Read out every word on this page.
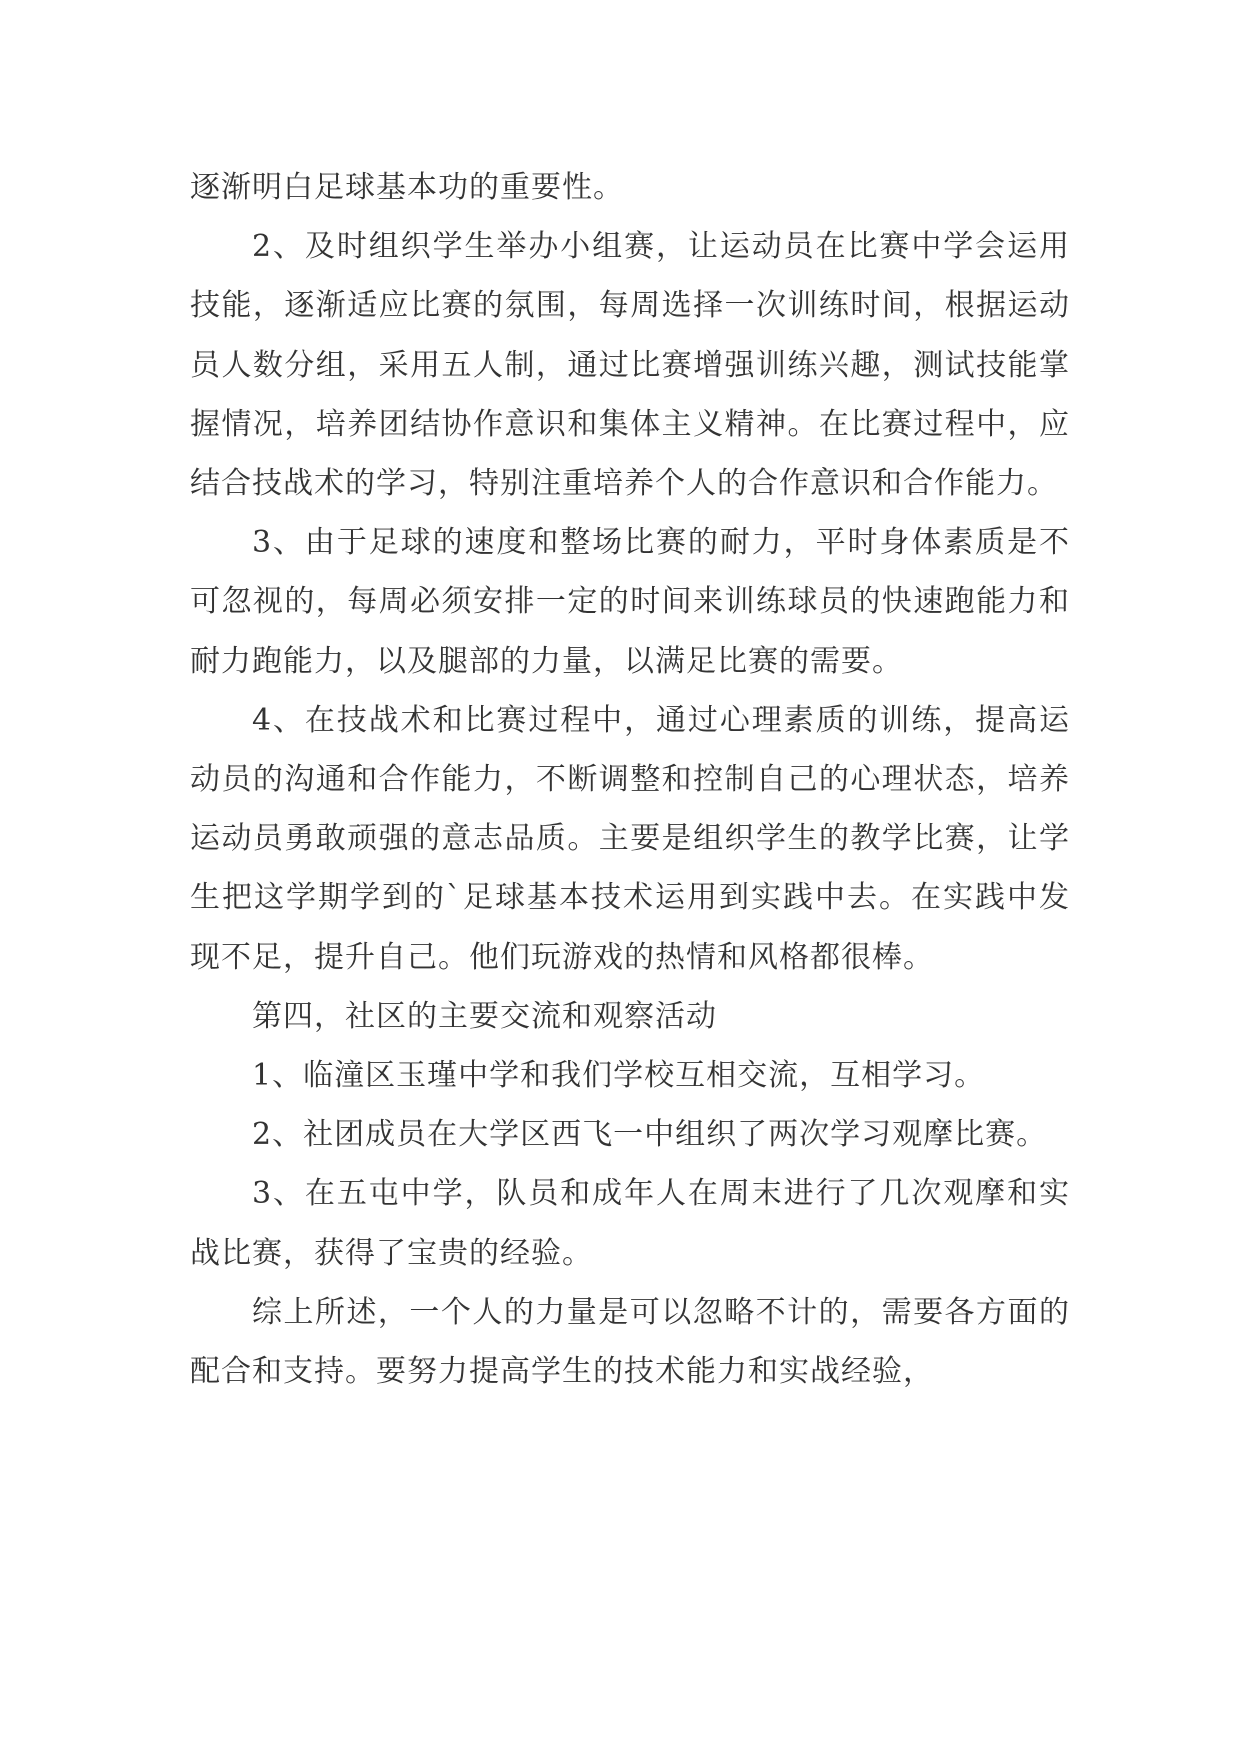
逐渐明白足球基本功的重要性。

2、及时组织学生举办小组赛，让运动员在比赛中学会运用技能，逐渐适应比赛的氛围，每周选择一次训练时间，根据运动员人数分组，采用五人制，通过比赛增强训练兴趣，测试技能掌握情况，培养团结协作意识和集体主义精神。在比赛过程中，应结合技战术的学习，特别注重培养个人的合作意识和合作能力。

3、由于足球的速度和整场比赛的耐力，平时身体素质是不可忽视的，每周必须安排一定的时间来训练球员的快速跑能力和耐力跑能力，以及腿部的力量，以满足比赛的需要。

4、在技战术和比赛过程中，通过心理素质的训练，提高运动员的沟通和合作能力，不断调整和控制自己的心理状态，培养运动员勇敢顽强的意志品质。主要是组织学生的教学比赛，让学生把这学期学到的`足球基本技术运用到实践中去。在实践中发现不足，提升自己。他们玩游戏的热情和风格都很棒。

第四，社区的主要交流和观察活动

1、临潼区玉瑾中学和我们学校互相交流，互相学习。

2、社团成员在大学区西飞一中组织了两次学习观摩比赛。

3、在五屯中学，队员和成年人在周末进行了几次观摩和实战比赛，获得了宝贵的经验。

综上所述，一个人的力量是可以忽略不计的，需要各方面的配合和支持。要努力提高学生的技术能力和实战经验，
